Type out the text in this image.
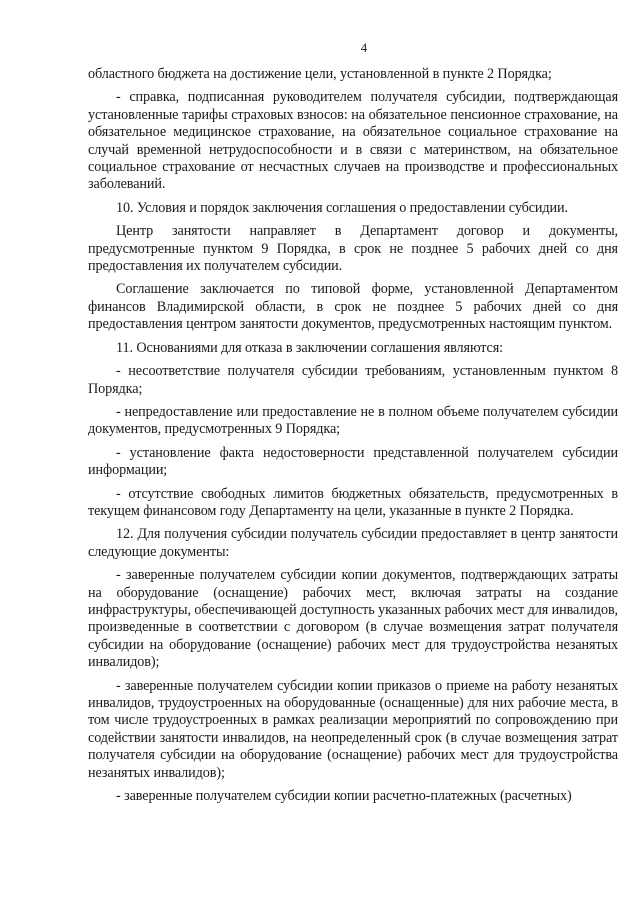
4

областного бюджета на достижение цели, установленной в пункте 2 Порядка;

- справка, подписанная руководителем получателя субсидии, подтверждающая установленные тарифы страховых взносов: на обязательное пенсионное страхование, на обязательное медицинское страхование, на обязательное социальное страхование на случай временной нетрудоспособности и в связи с материнством, на обязательное социальное страхование от несчастных случаев на производстве и профессиональных заболеваний.

10. Условия и порядок заключения соглашения о предоставлении субсидии.

Центр занятости направляет в Департамент договор и документы, предусмотренные пунктом 9 Порядка, в срок не позднее 5 рабочих дней со дня предоставления их получателем субсидии.

Соглашение заключается по типовой форме, установленной Департаментом финансов Владимирской области, в срок не позднее 5 рабочих дней со дня предоставления центром занятости документов, предусмотренных настоящим пунктом.

11. Основаниями для отказа в заключении соглашения являются:

- несоответствие получателя субсидии требованиям, установленным пунктом 8 Порядка;

- непредоставление или предоставление не в полном объеме получателем субсидии документов, предусмотренных 9 Порядка;

- установление факта недостоверности представленной получателем субсидии информации;

- отсутствие свободных лимитов бюджетных обязательств, предусмотренных в текущем финансовом году Департаменту на цели, указанные в пункте 2 Порядка.

12. Для получения субсидии получатель субсидии предоставляет в центр занятости следующие документы:

- заверенные получателем субсидии копии документов, подтверждающих затраты на оборудование (оснащение) рабочих мест, включая затраты на создание инфраструктуры, обеспечивающей доступность указанных рабочих мест для инвалидов, произведенные в соответствии с договором (в случае возмещения затрат получателя субсидии на оборудование (оснащение) рабочих мест для трудоустройства незанятых инвалидов);

- заверенные получателем субсидии копии приказов о приеме на работу незанятых инвалидов, трудоустроенных на оборудованные (оснащенные) для них рабочие места, в том числе трудоустроенных в рамках реализации мероприятий по сопровождению при содействии занятости инвалидов, на неопределенный срок (в случае возмещения затрат получателя субсидии на оборудование (оснащение) рабочих мест для трудоустройства незанятых инвалидов);

- заверенные получателем субсидии копии расчетно-платежных (расчетных)
